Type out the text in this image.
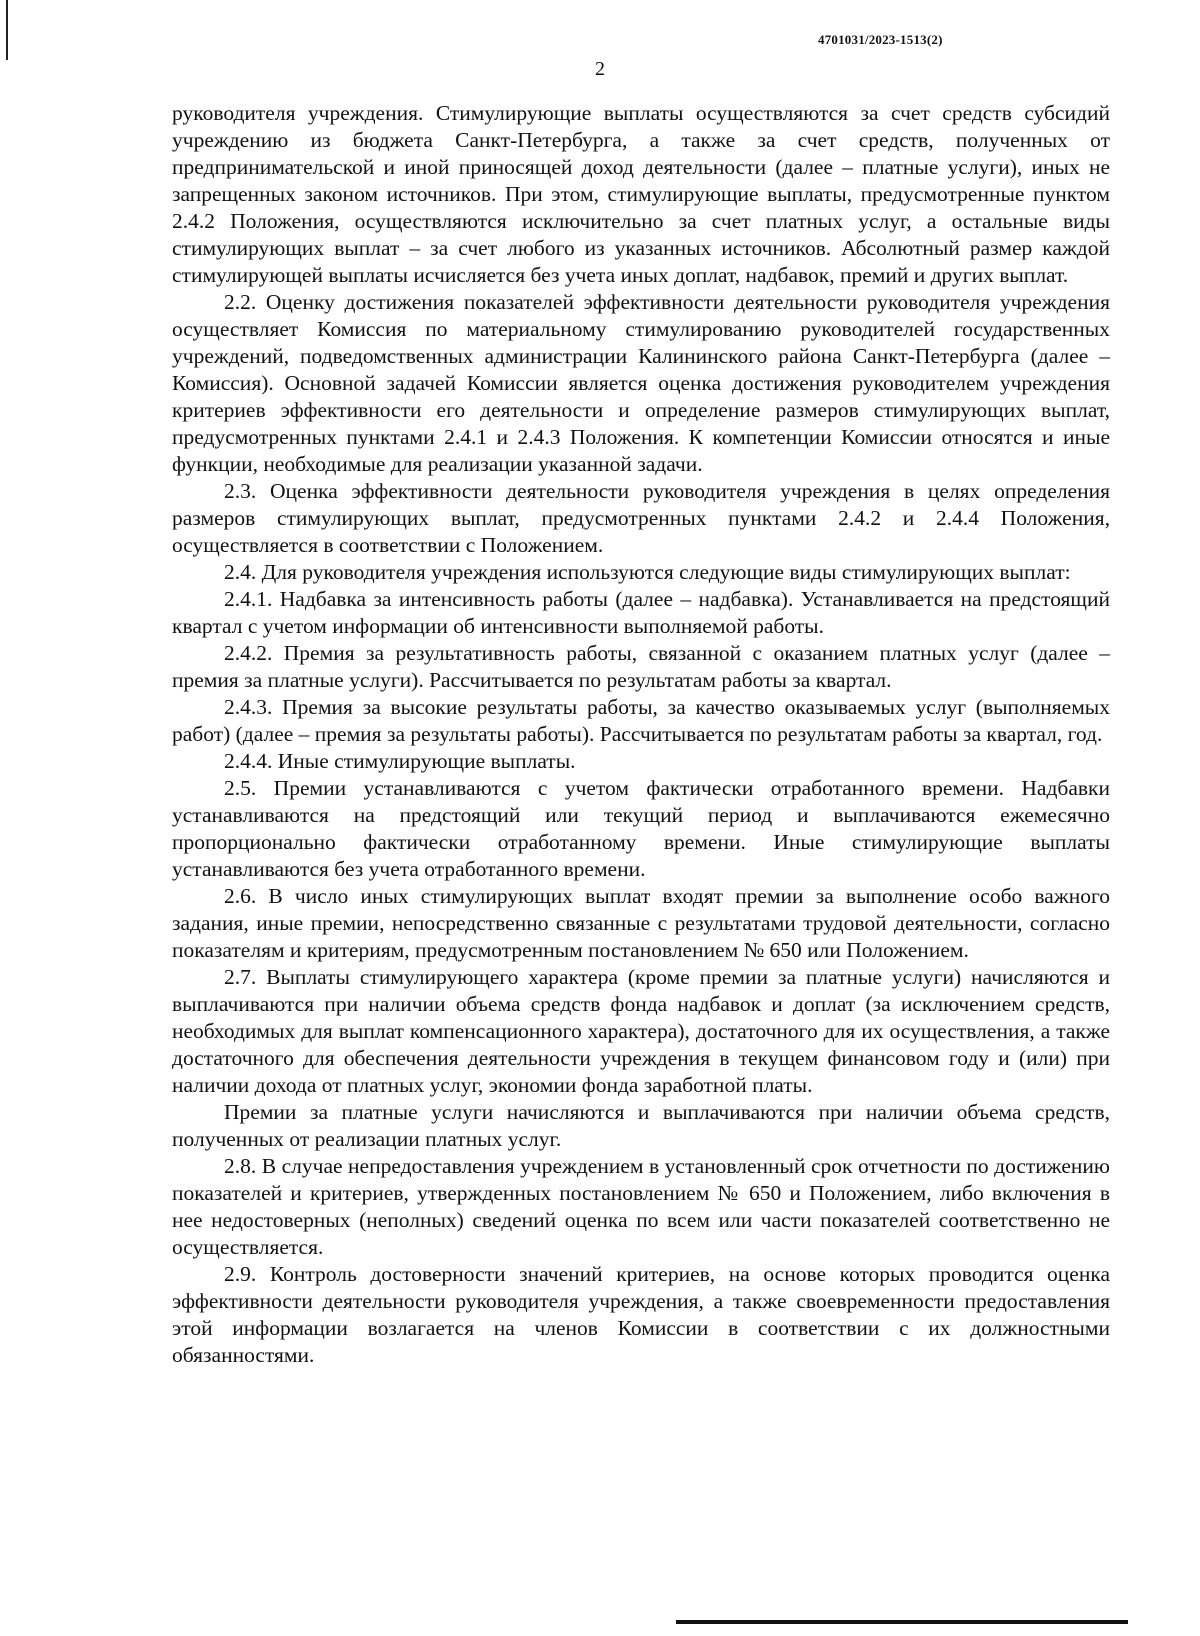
4701031/2023-1513(2)
2

руководителя учреждения. Стимулирующие выплаты осуществляются за счет средств субсидий учреждению из бюджета Санкт-Петербурга, а также за счет средств, полученных от предпринимательской и иной приносящей доход деятельности (далее – платные услуги), иных не запрещенных законом источников. При этом, стимулирующие выплаты, предусмотренные пунктом 2.4.2 Положения, осуществляются исключительно за счет платных услуг, а остальные виды стимулирующих выплат – за счет любого из указанных источников. Абсолютный размер каждой стимулирующей выплаты исчисляется без учета иных доплат, надбавок, премий и других выплат.

2.2. Оценку достижения показателей эффективности деятельности руководителя учреждения осуществляет Комиссия по материальному стимулированию руководителей государственных учреждений, подведомственных администрации Калининского района Санкт-Петербурга (далее – Комиссия). Основной задачей Комиссии является оценка достижения руководителем учреждения критериев эффективности его деятельности и определение размеров стимулирующих выплат, предусмотренных пунктами 2.4.1 и 2.4.3 Положения. К компетенции Комиссии относятся и иные функции, необходимые для реализации указанной задачи.

2.3. Оценка эффективности деятельности руководителя учреждения в целях определения размеров стимулирующих выплат, предусмотренных пунктами 2.4.2 и 2.4.4 Положения, осуществляется в соответствии с Положением.

2.4. Для руководителя учреждения используются следующие виды стимулирующих выплат:

2.4.1. Надбавка за интенсивность работы (далее – надбавка). Устанавливается на предстоящий квартал с учетом информации об интенсивности выполняемой работы.

2.4.2. Премия за результативность работы, связанной с оказанием платных услуг (далее – премия за платные услуги). Рассчитывается по результатам работы за квартал.

2.4.3. Премия за высокие результаты работы, за качество оказываемых услуг (выполняемых работ) (далее – премия за результаты работы). Рассчитывается по результатам работы за квартал, год.

2.4.4. Иные стимулирующие выплаты.

2.5. Премии устанавливаются с учетом фактически отработанного времени. Надбавки устанавливаются на предстоящий или текущий период и выплачиваются ежемесячно пропорционально фактически отработанному времени. Иные стимулирующие выплаты устанавливаются без учета отработанного времени.

2.6. В число иных стимулирующих выплат входят премии за выполнение особо важного задания, иные премии, непосредственно связанные с результатами трудовой деятельности, согласно показателям и критериям, предусмотренным постановлением № 650 или Положением.

2.7. Выплаты стимулирующего характера (кроме премии за платные услуги) начисляются и выплачиваются при наличии объема средств фонда надбавок и доплат (за исключением средств, необходимых для выплат компенсационного характера), достаточного для их осуществления, а также достаточного для обеспечения деятельности учреждения в текущем финансовом году и (или) при наличии дохода от платных услуг, экономии фонда заработной платы.

Премии за платные услуги начисляются и выплачиваются при наличии объема средств, полученных от реализации платных услуг.

2.8. В случае непредоставления учреждением в установленный срок отчетности по достижению показателей и критериев, утвержденных постановлением № 650 и Положением, либо включения в нее недостоверных (неполных) сведений оценка по всем или части показателей соответственно не осуществляется.

2.9. Контроль достоверности значений критериев, на основе которых проводится оценка эффективности деятельности руководителя учреждения, а также своевременности предоставления этой информации возлагается на членов Комиссии в соответствии с их должностными обязанностями.
